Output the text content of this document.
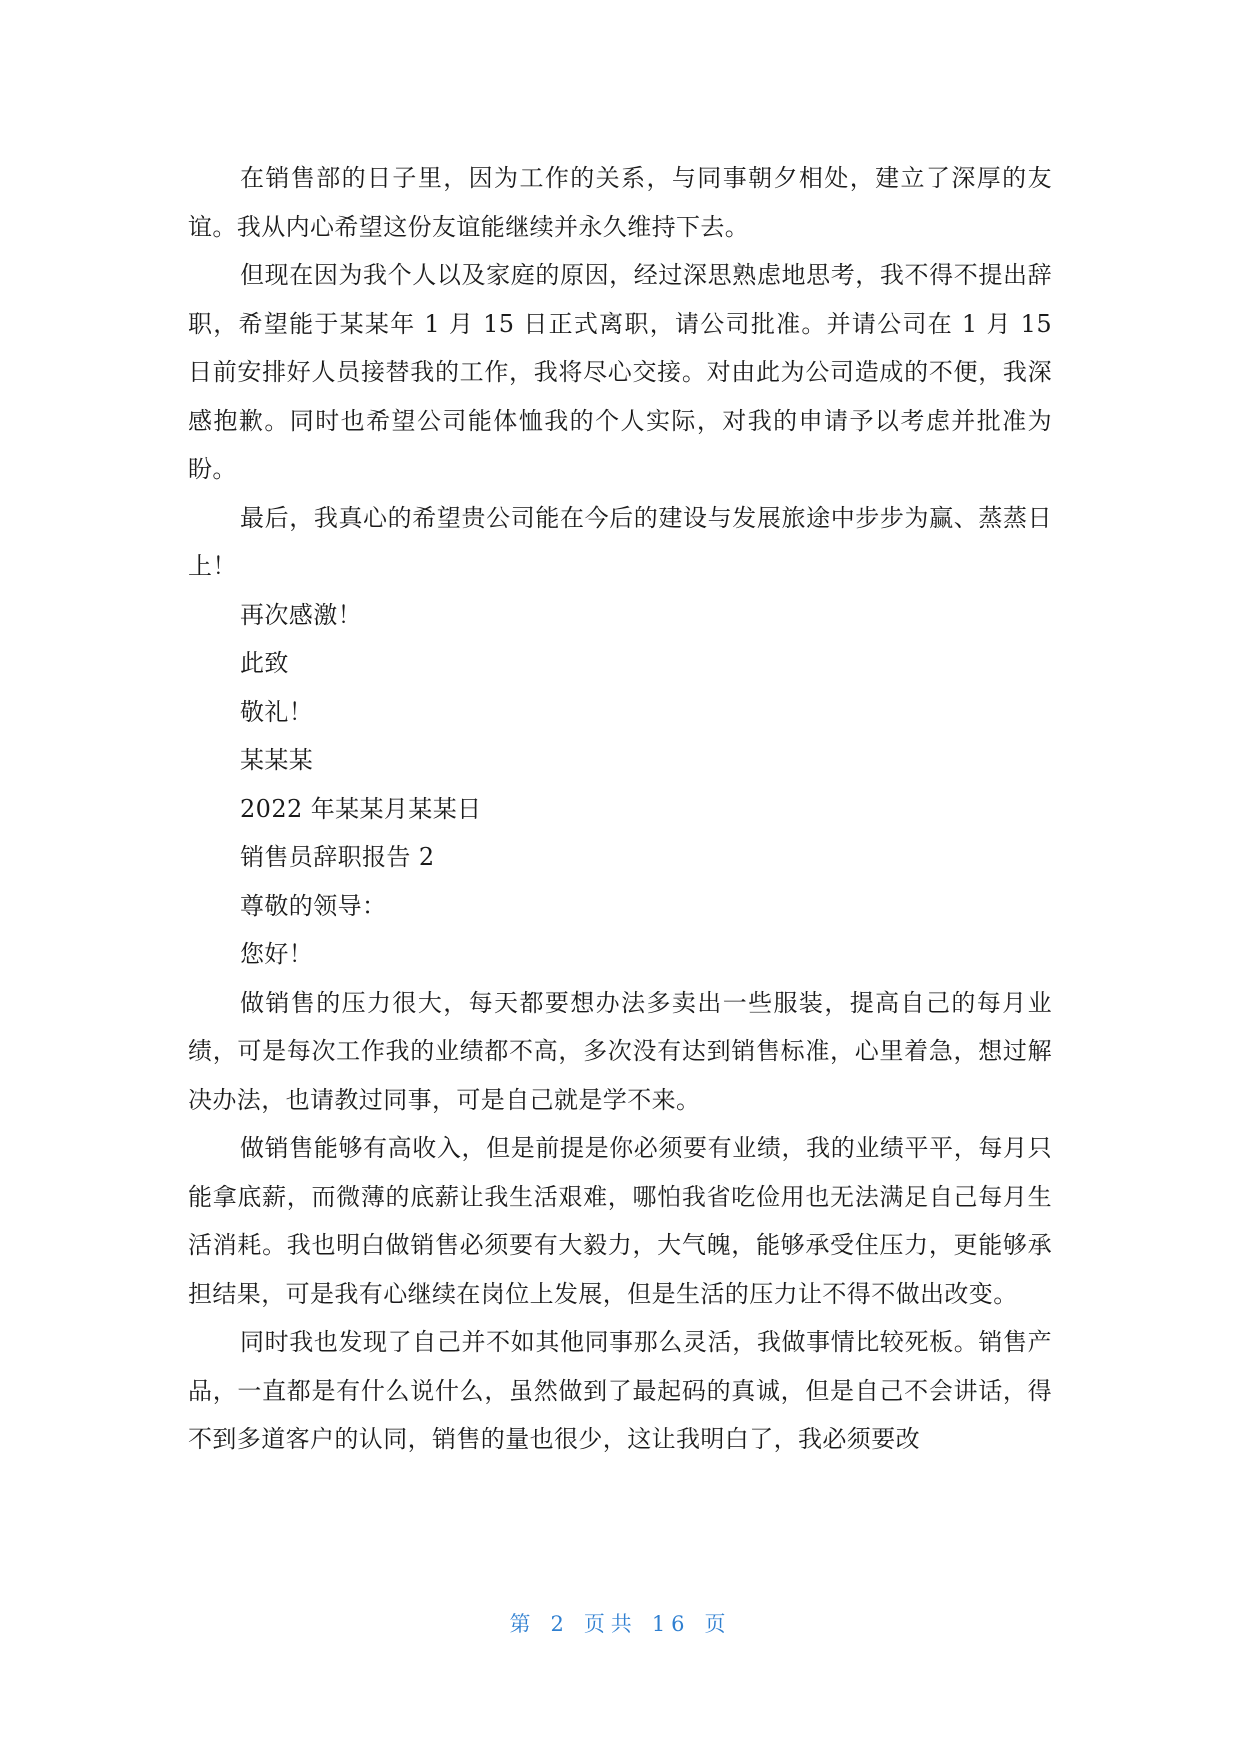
在销售部的日子里，因为工作的关系，与同事朝夕相处，建立了深厚的友谊。我从内心希望这份友谊能继续并永久维持下去。

但现在因为我个人以及家庭的原因，经过深思熟虑地思考，我不得不提出辞职，希望能于某某年 1 月 15 日正式离职，请公司批准。并请公司在 1 月 15 日前安排好人员接替我的工作，我将尽心交接。对由此为公司造成的不便，我深感抱歉。同时也希望公司能体恤我的个人实际，对我的申请予以考虑并批准为盼。

最后，我真心的希望贵公司能在今后的建设与发展旅途中步步为赢、蒸蒸日上！

再次感激！
此致
敬礼！
某某某
2022 年某某月某某日
销售员辞职报告 2
尊敬的领导：
您好！

做销售的压力很大，每天都要想办法多卖出一些服装，提高自己的每月业绩，可是每次工作我的业绩都不高，多次没有达到销售标准，心里着急，想过解决办法，也请教过同事，可是自己就是学不来。

做销售能够有高收入，但是前提是你必须要有业绩，我的业绩平平，每月只能拿底薪，而微薄的底薪让我生活艰难，哪怕我省吃俭用也无法满足自己每月生活消耗。我也明白做销售必须要有大毅力，大气魄，能够承受住压力，更能够承担结果，可是我有心继续在岗位上发展，但是生活的压力让不得不做出改变。

同时我也发现了自己并不如其他同事那么灵活，我做事情比较死板。销售产品，一直都是有什么说什么，虽然做到了最起码的真诚，但是自己不会讲话，得不到多道客户的认同，销售的量也很少，这让我明白了，我必须要改

第 2 页共 16 页
